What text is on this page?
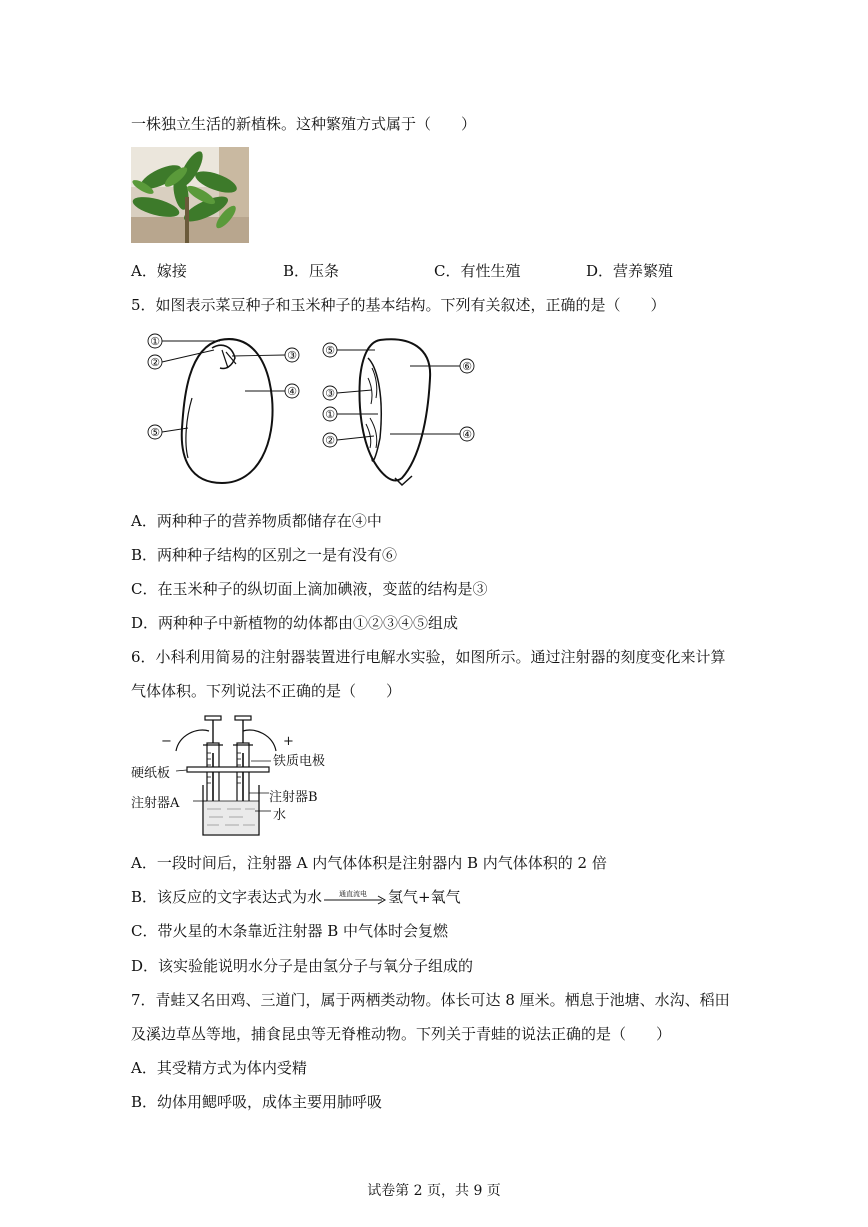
一株独立生活的新植株。这种繁殖方式属于（　　）
A．嫁接	B．压条	C．有性生殖	D．营养繁殖
5．如图表示菜豆种子和玉米种子的基本结构。下列有关叙述，正确的是（　　）
①
②
③
④
⑤
⑤
⑥
③
①
②	④
A．两种种子的营养物质都储存在④中
B．两种种子结构的区别之一是有没有⑥
C．在玉米种子的纵切面上滴加碘液，变蓝的结构是③
D．两种种子中新植物的幼体都由①②③④⑤组成
6．小科利用简易的注射器装置进行电解水实验，如图所示。通过注射器的刻度变化来计算
气体体积。下列说法不正确的是（　　）
−	+
铁质电极
硬纸板
注射器B
注射器A
水
A．一段时间后，注射器 A 内气体体积是注射器内 B 内气体体积的 2 倍
B．该反应的文字表达式为水 通直流电 氢气+氧气
C．带火星的木条靠近注射器 B 中气体时会复燃
D．该实验能说明水分子是由氢分子与氧分子组成的
7．青蛙又名田鸡、三道门，属于两栖类动物。体长可达 8 厘米。栖息于池塘、水沟、稻田
及溪边草丛等地，捕食昆虫等无脊椎动物。下列关于青蛙的说法正确的是（　　）
A．其受精方式为体内受精
B．幼体用鳃呼吸，成体主要用肺呼吸
试卷第 2 页，共 9 页
